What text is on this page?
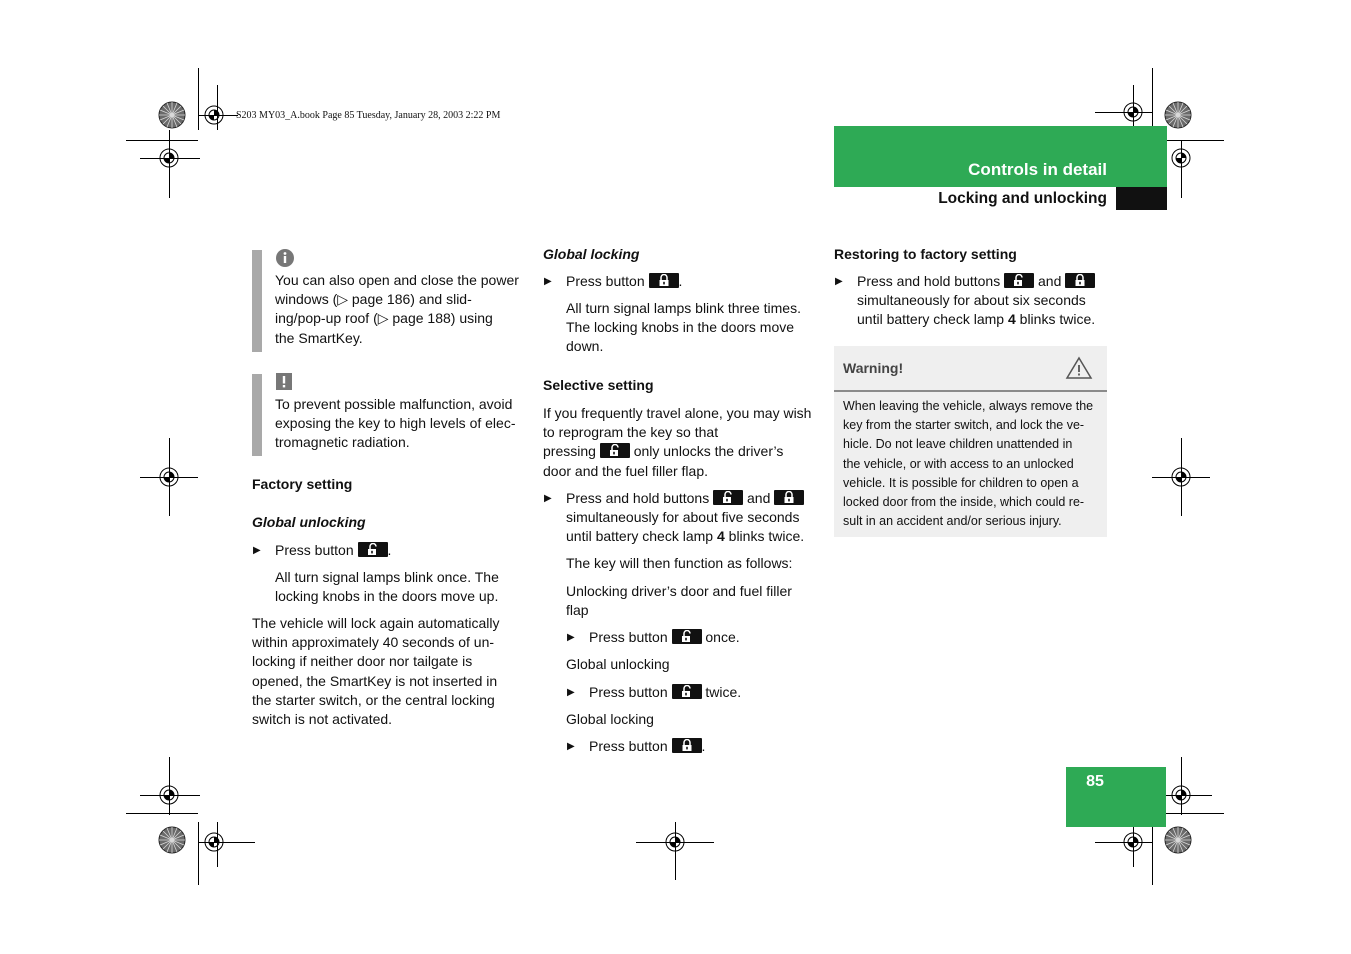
S203 MY03_A.book Page 85 Tuesday, January 28, 2003 2:22 PM
Controls in detail
Locking and unlocking
You can also open and close the power
windows (▷ page 186) and slid-
ing/pop-up roof (▷ page 188) using
the SmartKey.
To prevent possible malfunction, avoid
exposing the key to high levels of elec-
tromagnetic radiation.
Factory setting
Global unlocking
▶ Press button .
All turn signal lamps blink once. The
locking knobs in the doors move up.
The vehicle will lock again automatically
within approximately 40 seconds of un-
locking if neither door nor tailgate is
opened, the SmartKey is not inserted in
the starter switch, or the central locking
switch is not activated.
Global locking
▶ Press button .
All turn signal lamps blink three times.
The locking knobs in the doors move
down.
Selective setting
If you frequently travel alone, you may wish
to reprogram the key so that
pressing	only unlocks the driver’s
door and the fuel filler flap.
▶ Press and hold buttons	and
simultaneously for about five seconds
until battery check lamp 4 blinks twice.
The key will then function as follows:
Unlocking driver’s door and fuel filler
flap
▶ Press button	once.
Global unlocking
▶ Press button	twice.
Global locking
▶ Press button .
Restoring to factory setting
▶ Press and hold buttons	and
simultaneously for about six seconds
until battery check lamp 4 blinks twice.
Warning!
When leaving the vehicle, always remove the
key from the starter switch, and lock the ve-
hicle. Do not leave children unattended in
the vehicle, or with access to an unlocked
vehicle. It is possible for children to open a
locked door from the inside, which could re-
sult in an accident and/or serious injury.
85
